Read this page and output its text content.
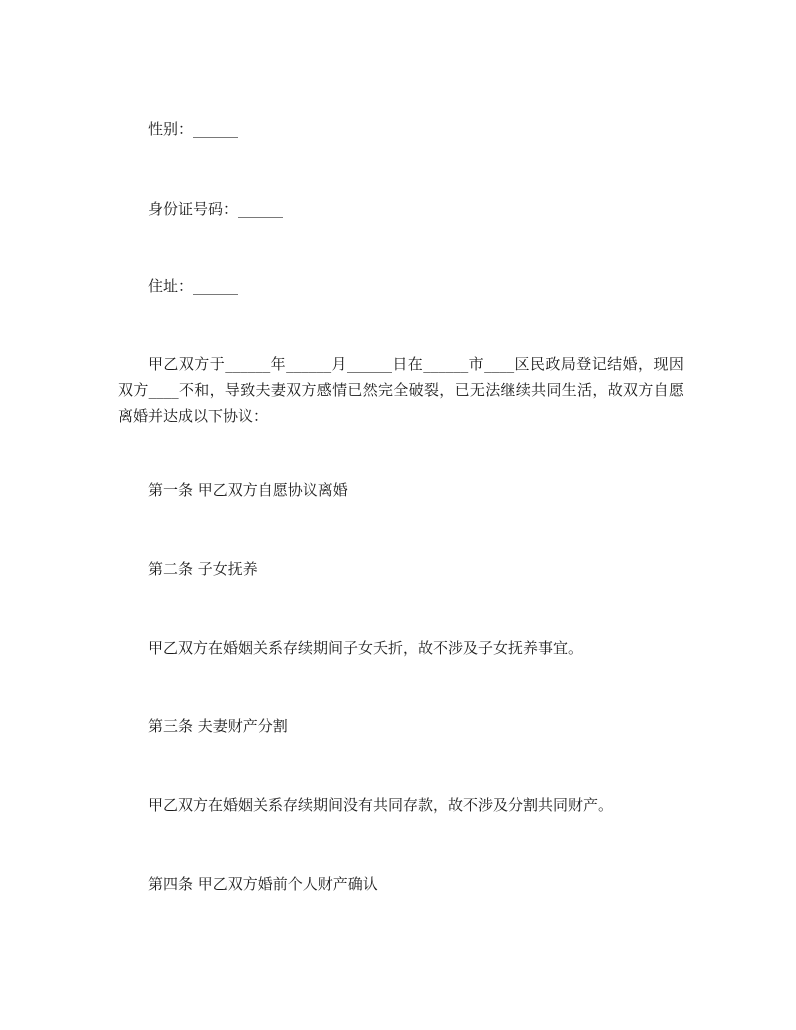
性别：______
身份证号码：______
住址：______
甲乙双方于______年______月______日在______市____区民政局登记结婚，现因双方____不和，导致夫妻双方感情已然完全破裂，已无法继续共同生活，故双方自愿离婚并达成以下协议：
第一条 甲乙双方自愿协议离婚
第二条 子女抚养
甲乙双方在婚姻关系存续期间子女夭折，故不涉及子女抚养事宜。
第三条 夫妻财产分割
甲乙双方在婚姻关系存续期间没有共同存款，故不涉及分割共同财产。
第四条 甲乙双方婚前个人财产确认
